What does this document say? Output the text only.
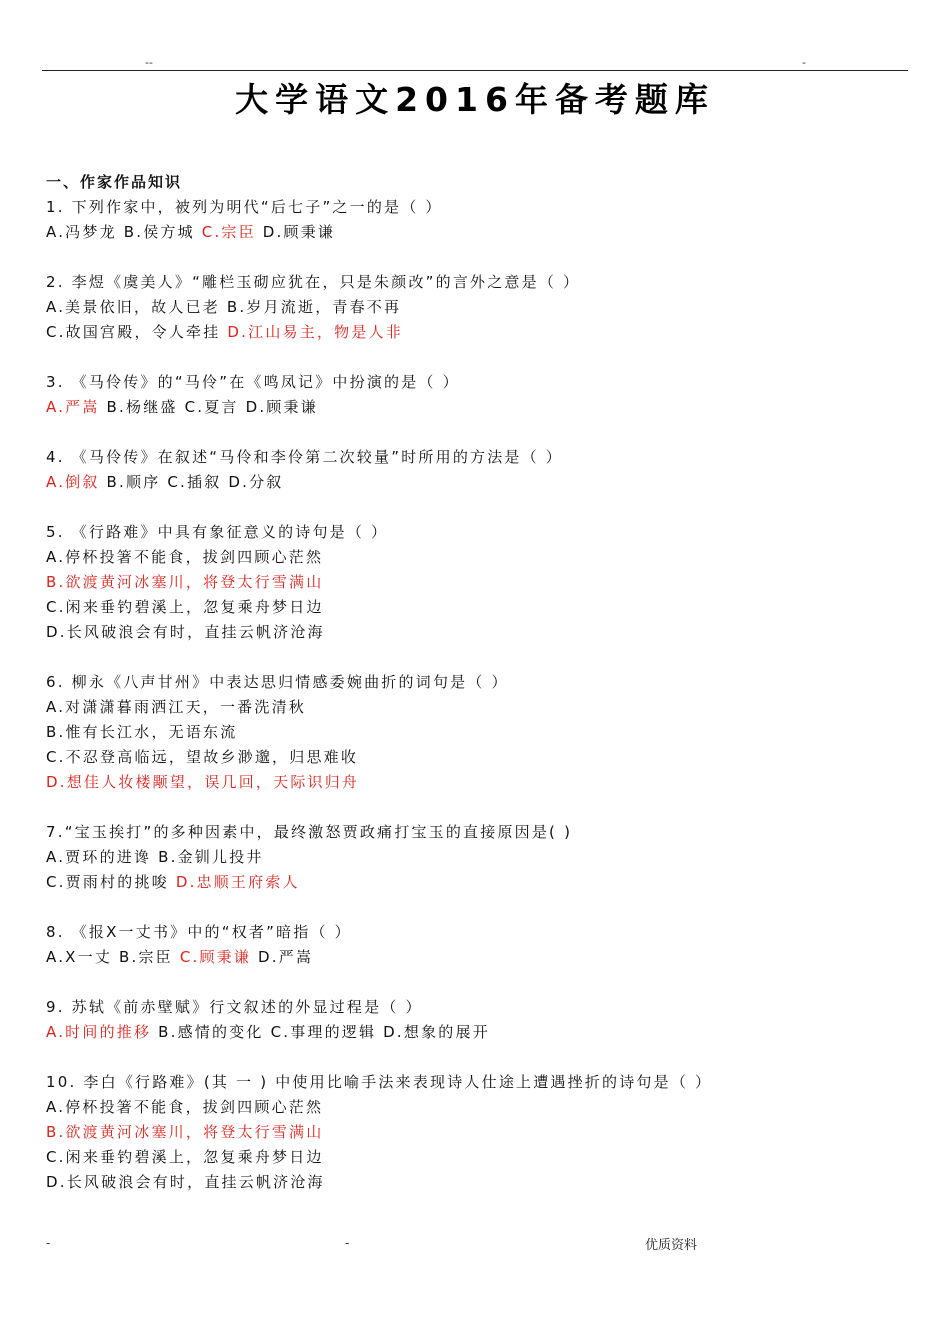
--	-
大学语文2016年备考题库
一、作家作品知识
1. 下列作家中，被列为明代“后七子”之一的是（ ）
A.冯梦龙 B.侯方城 C.宗臣 D.顾秉谦
2. 李煜《虞美人》“雕栏玉砌应犹在，只是朱颜改”的言外之意是（ ）
A.美景依旧，故人已老 B.岁月流逝，青春不再
C.故国宫殿，令人牵挂 D.江山易主，物是人非
3. 《马伶传》的“马伶”在《鸣凤记》中扮演的是（ ）
A.严嵩 B.杨继盛 C.夏言 D.顾秉谦
4. 《马伶传》在叙述“马伶和李伶第二次较量”时所用的方法是（ ）
A.倒叙 B.顺序 C.插叙 D.分叙
5. 《行路难》中具有象征意义的诗句是（ ）
A.停杯投箸不能食，拔剑四顾心茫然
B.欲渡黄河冰塞川，将登太行雪满山
C.闲来垂钓碧溪上，忽复乘舟梦日边
D.长风破浪会有时，直挂云帆济沧海
6. 柳永《八声甘州》中表达思归情感委婉曲折的词句是（ ）
A.对潇潇暮雨洒江天，一番洗清秋
B.惟有长江水，无语东流
C.不忍登高临远，望故乡渺邈，归思难收
D.想佳人妆楼颙望，误几回，天际识归舟
7.“宝玉挨打”的多种因素中，最终激怒贾政痛打宝玉的直接原因是( )
A.贾环的进谗 B.金钏儿投井
C.贾雨村的挑唆 D.忠顺王府索人
8. 《报X一丈书》中的“权者”暗指（ ）
A.X一丈 B.宗臣 C.顾秉谦 D.严嵩
9. 苏轼《前赤壁赋》行文叙述的外显过程是（ ）
A.时间的推移 B.感情的变化 C.事理的逻辑 D.想象的展开
10. 李白《行路难》(其 一 ) 中使用比喻手法来表现诗人仕途上遭遇挫折的诗句是（ ）
A.停杯投箸不能食，拔剑四顾心茫然
B.欲渡黄河冰塞川，将登太行雪满山
C.闲来垂钓碧溪上，忽复乘舟梦日边
D.长风破浪会有时，直挂云帆济沧海
-	-	优质资料
